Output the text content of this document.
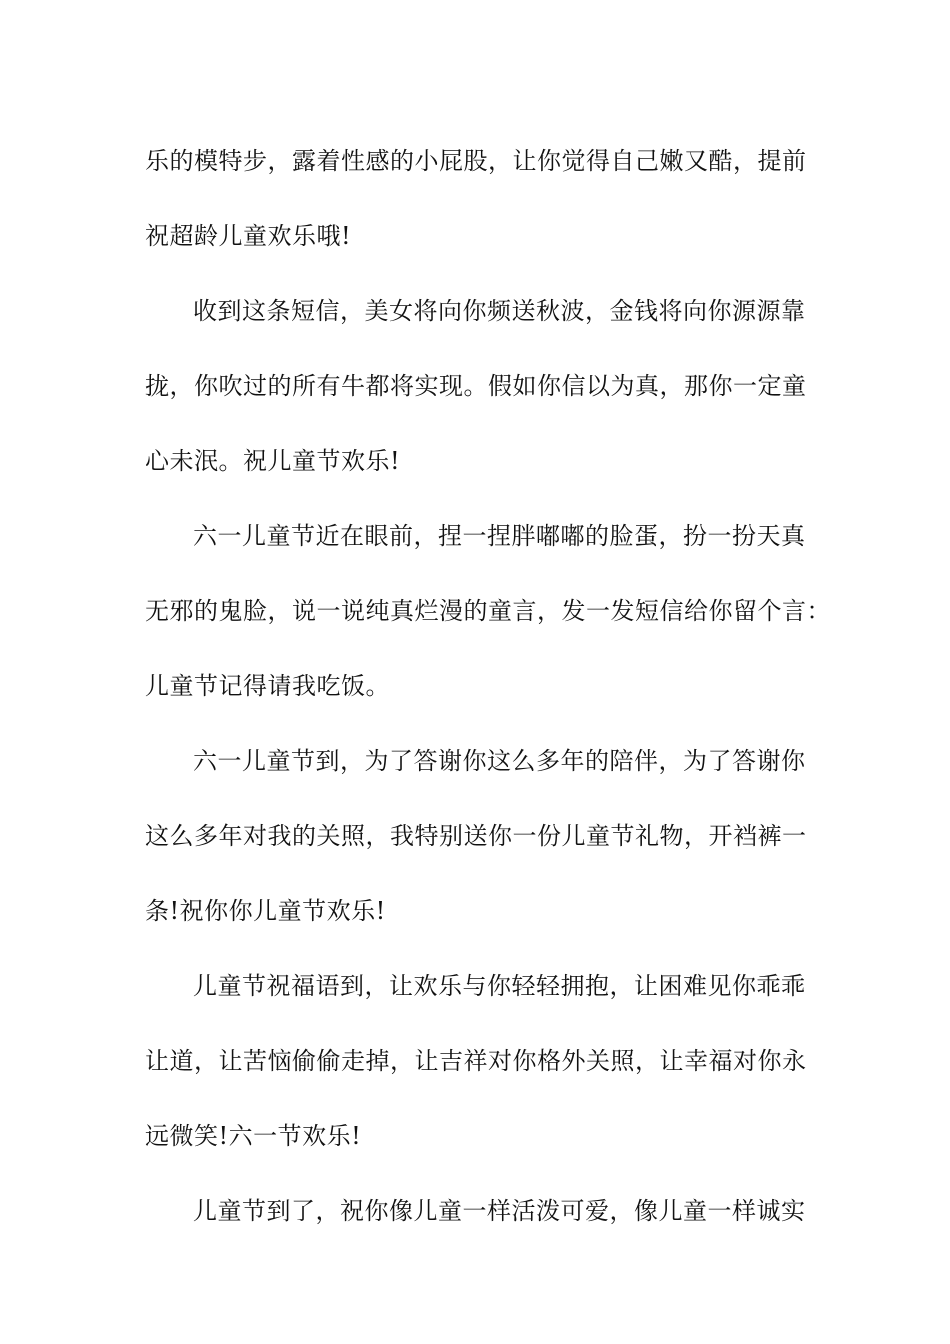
乐的模特步，露着性感的小屁股，让你觉得自己嫩又酷，提前
祝超龄儿童欢乐哦!
收到这条短信，美女将向你频送秋波，金钱将向你源源靠
拢，你吹过的所有牛都将实现。假如你信以为真，那你一定童
心未泯。祝儿童节欢乐!
六一儿童节近在眼前，捏一捏胖嘟嘟的脸蛋，扮一扮天真
无邪的鬼脸，说一说纯真烂漫的童言，发一发短信给你留个言：
儿童节记得请我吃饭。
六一儿童节到，为了答谢你这么多年的陪伴，为了答谢你
这么多年对我的关照，我特别送你一份儿童节礼物，开裆裤一
条!祝你你儿童节欢乐!
儿童节祝福语到，让欢乐与你轻轻拥抱，让困难见你乖乖
让道，让苦恼偷偷走掉，让吉祥对你格外关照，让幸福对你永
远微笑!六一节欢乐!
儿童节到了，祝你像儿童一样活泼可爱，像儿童一样诚实
